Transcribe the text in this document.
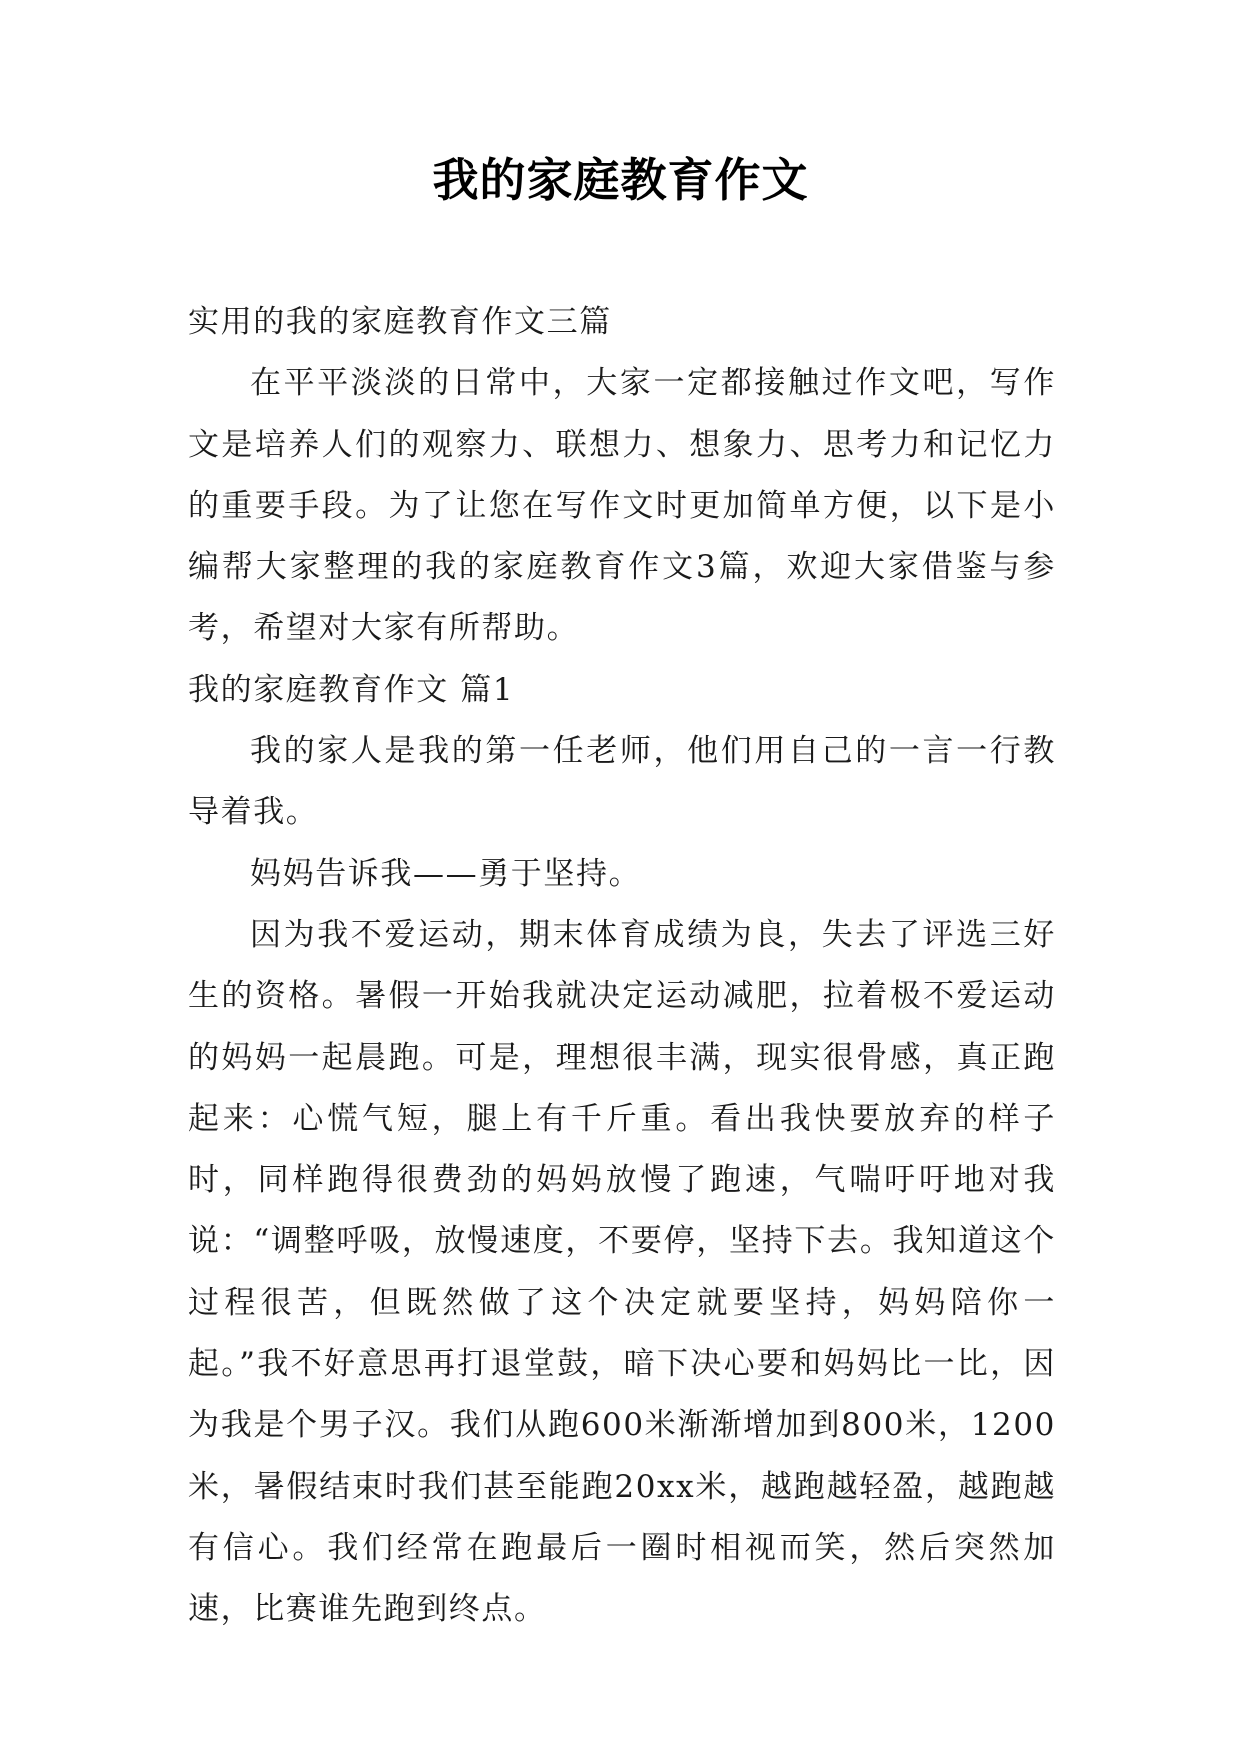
我的家庭教育作文

实用的我的家庭教育作文三篇

在平平淡淡的日常中，大家一定都接触过作文吧，写作文是培养人们的观察力、联想力、想象力、思考力和记忆力的重要手段。为了让您在写作文时更加简单方便，以下是小编帮大家整理的我的家庭教育作文3篇，欢迎大家借鉴与参考，希望对大家有所帮助。

我的家庭教育作文 篇1

我的家人是我的第一任老师，他们用自己的一言一行教导着我。

妈妈告诉我——勇于坚持。

因为我不爱运动，期末体育成绩为良，失去了评选三好生的资格。暑假一开始我就决定运动减肥，拉着极不爱运动的妈妈一起晨跑。可是，理想很丰满，现实很骨感，真正跑起来：心慌气短，腿上有千斤重。看出我快要放弃的样子时，同样跑得很费劲的妈妈放慢了跑速，气喘吁吁地对我说：“调整呼吸，放慢速度，不要停，坚持下去。我知道这个过程很苦，但既然做了这个决定就要坚持，妈妈陪你一起。”我不好意思再打退堂鼓，暗下决心要和妈妈比一比，因为我是个男子汉。我们从跑600米渐渐增加到800米，1200米，暑假结束时我们甚至能跑20xx米，越跑越轻盈，越跑越有信心。我们经常在跑最后一圈时相视而笑，然后突然加速，比赛谁先跑到终点。
